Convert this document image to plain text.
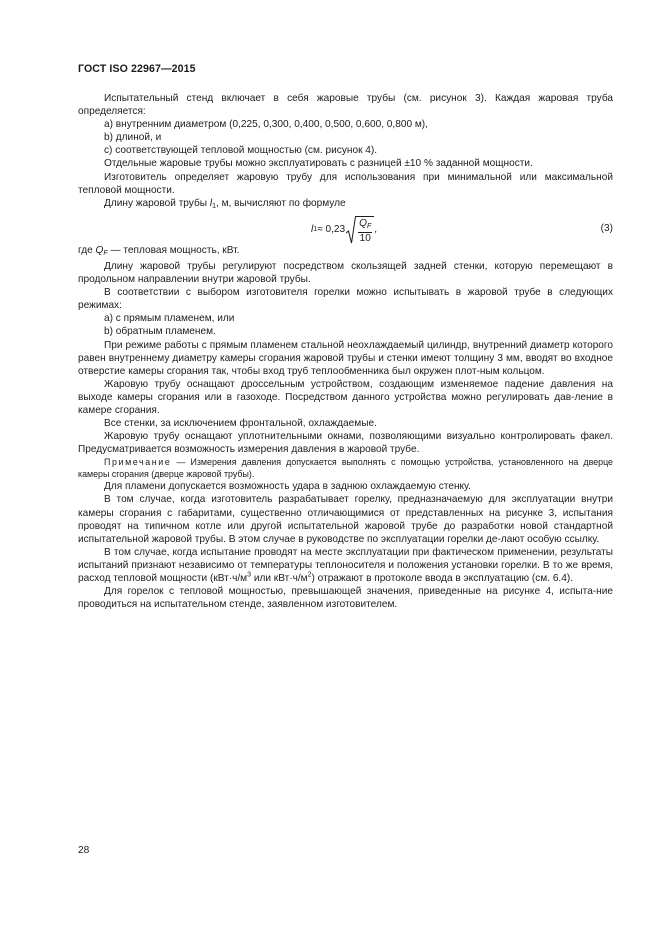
ГОСТ ISO 22967—2015

Испытательный стенд включает в себя жаровые трубы (см. рисунок 3). Каждая жаровая труба определяется:

а) внутренним диаметром (0,225, 0,300, 0,400, 0,500, 0,600, 0,800 м),

b) длиной, и

с) соответствующей тепловой мощностью (см. рисунок 4).

Отдельные жаровые трубы можно эксплуатировать с разницей ±10 % заданной мощности.

Изготовитель определяет жаровую трубу для использования при минимальной или максимальной тепловой мощности.

Длину жаровой трубы $l_1$, м, вычисляют по формуле

l $1 \approx 0,23 \frac{Q_F}{10}$ ,	(3)

где $Q_F$ — тепловая мощность, кВт.

Длину жаровой трубы регулируют посредством скользящей задней стенки, которую перемещают в продольном направлении внутри жаровой трубы.

В соответствии с выбором изготовителя горелки можно испытывать в жаровой трубе в следующих режимах:

а) с прямым пламенем, или

b) обратным пламенем.

При режиме работы с прямым пламенем стальной неохлаждаемый цилиндр, внутренний диаметр которого равен внутреннему диаметру камеры сгорания жаровой трубы и стенки имеют толщину 3 мм, вводят во входное отверстие камеры сгорания так, чтобы вход труб теплообменника был окружен плот-ным кольцом.

Жаровую трубу оснащают дроссельным устройством, создающим изменяемое падение давления на выходе камеры сгорания или в газоходе. Посредством данного устройства можно регулировать дав-ление в камере сгорания.

Все стенки, за исключением фронтальной, охлаждаемые.

Жаровую трубу оснащают уплотнительными окнами, позволяющими визуально контролировать факел. Предусматривается возможность измерения давления в жаровой трубе.

Примечание — Измерения давления допускается выполнять с помощью устройства, установленного на дверце камеры сгорания (дверце жаровой трубы).

Для пламени допускается возможность удара в заднюю охлаждаемую стенку.

В том случае, когда изготовитель разрабатывает горелку, предназначаемую для эксплуатации внутри камеры сгорания с габаритами, существенно отличающимися от представленных на рисунке 3, испытания проводят на типичном котле или другой испытательной жаровой трубе до разработки новой стандартной испытательной жаровой трубы. В этом случае в руководстве по эксплуатации горелки де-лают особую ссылку.

В том случае, когда испытание проводят на месте эксплуатации при фактическом применении, результаты испытаний признают независимо от температуры теплоносителя и положения установки горелки. В то же время, расход тепловой мощности ($кВт\cdot ч/м^3$ или $кВт\cdot ч/м^2$) отражают в протоколе ввода в эксплуатацию (см. 6.4).

Для горелок с тепловой мощностью, превышающей значения, приведенные на рисунке 4, испыта-ние проводиться на испытательном стенде, заявленном изготовителем.

28
